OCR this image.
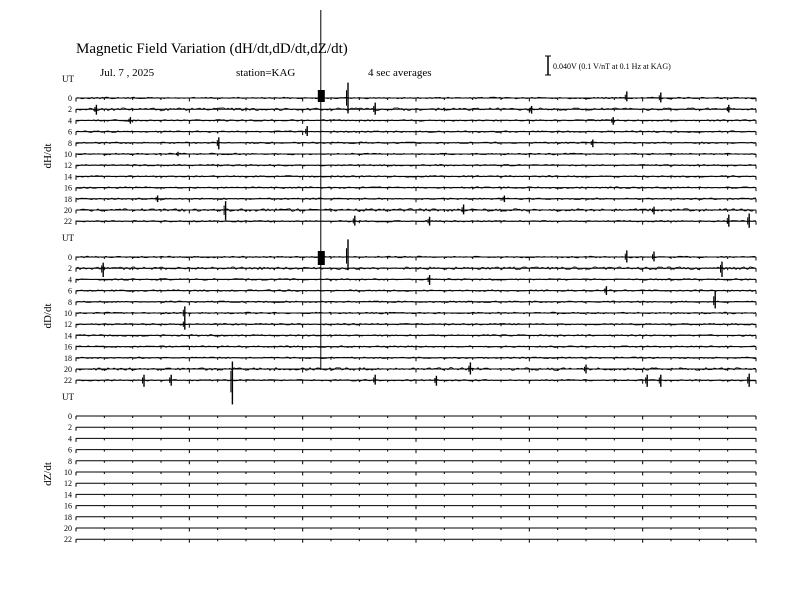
Magnetic Field Variation (dH/dt,dD/dt,dZ/dt)
Jul. 7 , 2025	station=KAG	4 sec averages
0.040V (0.1 V/nT at 0.1 Hz at KAG)
UT
dH/dt
0
2
4
6
8
10
12
14
16
18
20
22
UT
dD/dt
0
2
4
6
8
10
12
14
16
18
20
22
UT
dZ/dt
0
2
4
6
8
10
12
14
16
18
20
22
